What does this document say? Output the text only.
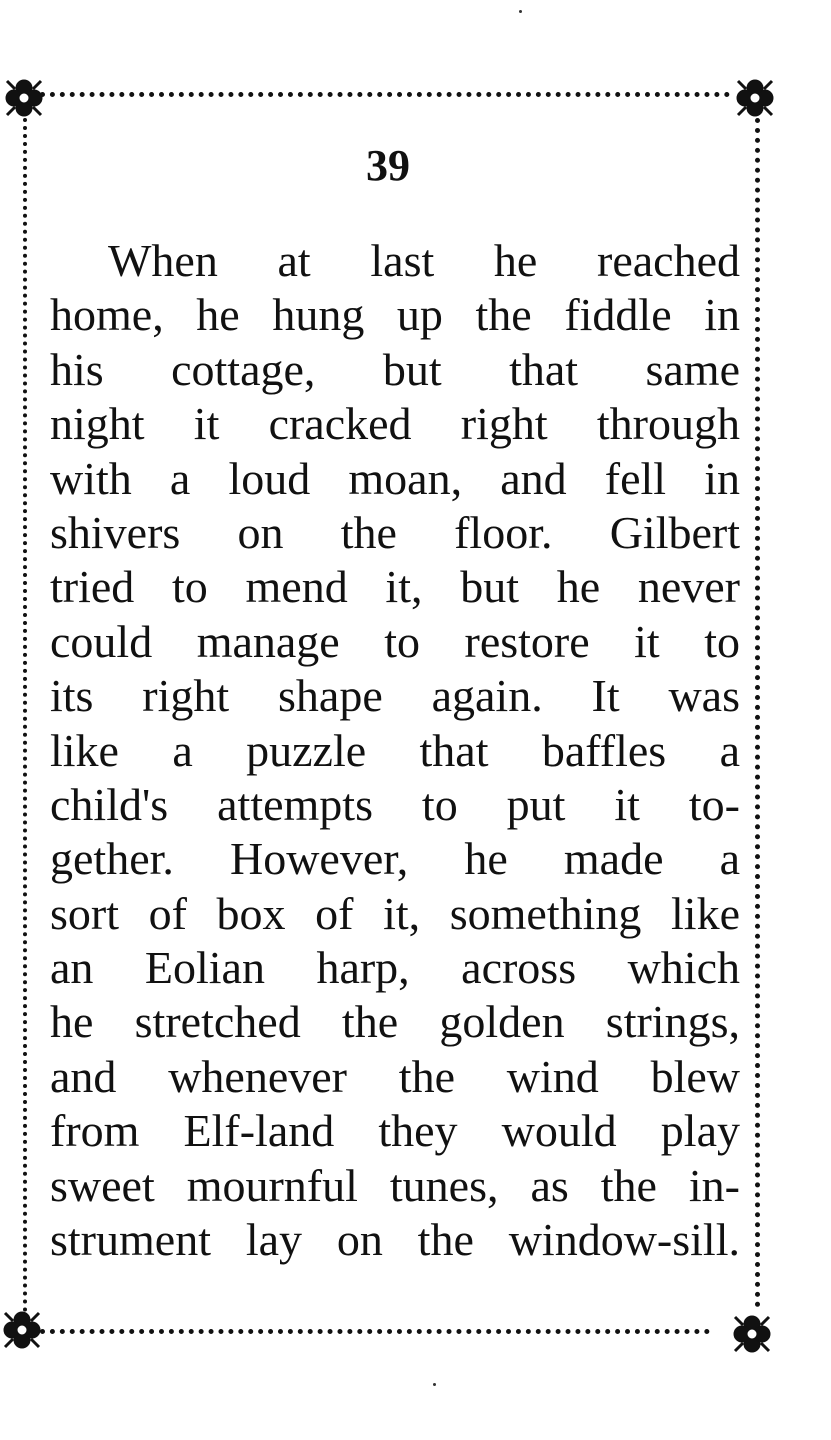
39
When at last he reached
home, he hung up the fiddle in
his cottage, but that same
night it cracked right through
with a loud moan, and fell in
shivers on the floor. Gilbert
tried to mend it, but he never
could manage to restore it to
its right shape again. It was
like a puzzle that baffles a
child's attempts to put it to-
gether. However, he made a
sort of box of it, something like
an Eolian harp, across which
he stretched the golden strings,
and whenever the wind blew
from Elf-land they would play
sweet mournful tunes, as the in-
strument lay on the window-sill.
